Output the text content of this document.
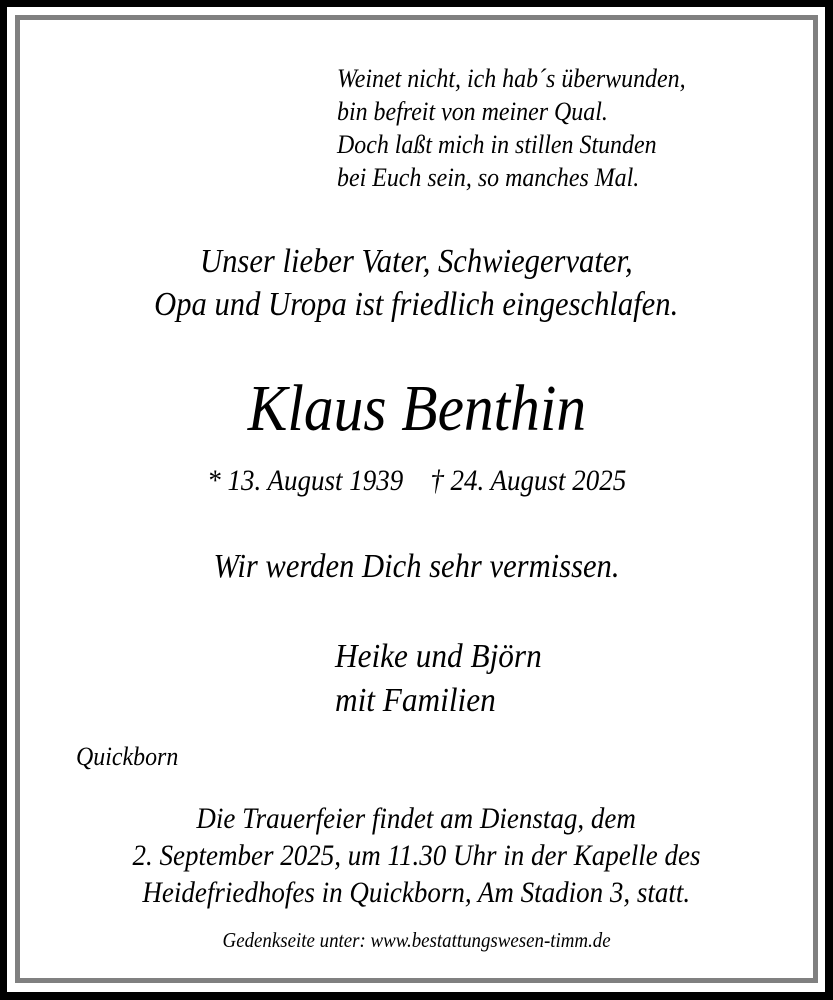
Weinet nicht, ich hab´s überwunden,
bin befreit von meiner Qual.
Doch laßt mich in stillen Stunden
bei Euch sein, so manches Mal.
Unser lieber Vater, Schwiegervater,
Opa und Uropa ist friedlich eingeschlafen.
Klaus Benthin
* 13. August 1939    † 24. August 2025
Wir werden Dich sehr vermissen.
Heike und Björn
mit Familien
Quickborn
Die Trauerfeier findet am Dienstag, dem
2. September 2025, um 11.30 Uhr in der Kapelle des
Heidefriedhofes in Quickborn, Am Stadion 3, statt.
Gedenkseite unter: www.bestattungswesen-timm.de
